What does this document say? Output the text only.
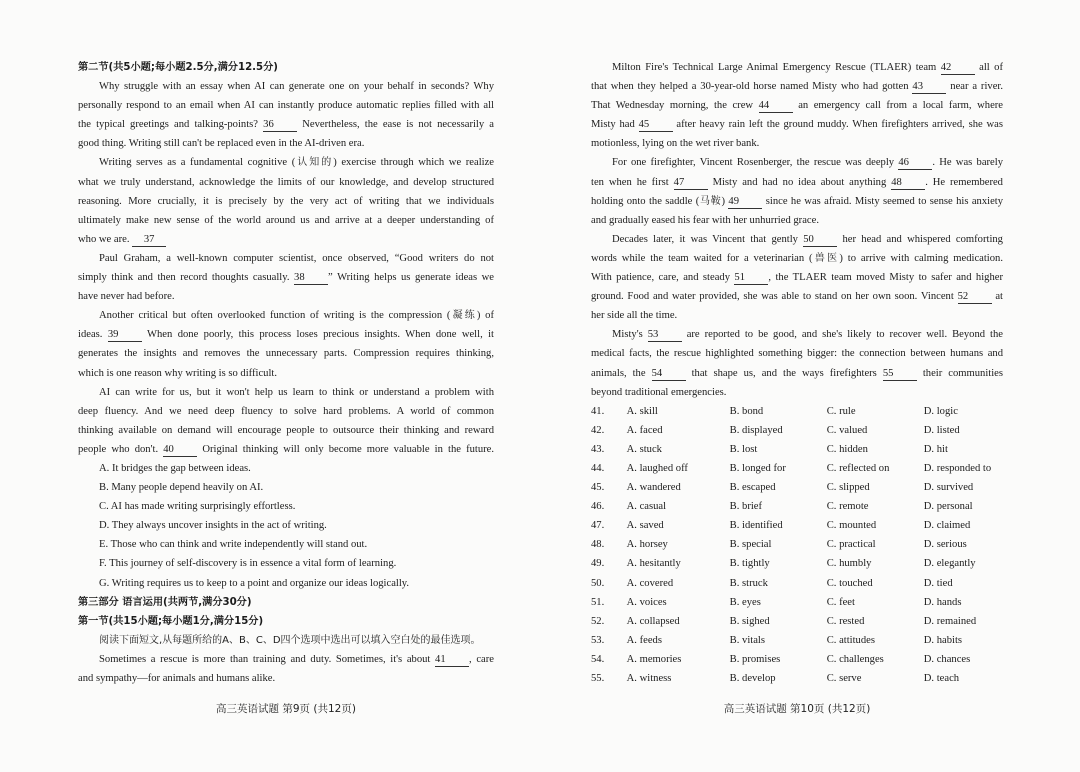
第二节(共5小题;每小题2.5分,满分12.5分)
Why struggle with an essay when AI can generate one on your behalf in seconds? Why
personally respond to an email when AI can instantly produce automatic replies filled with all
the typical greetings and talking-points? 36	Nevertheless, the ease is not necessarily a
good thing. Writing still can't be replaced even in the AI-driven era.
Writing serves as a fundamental cognitive (认知的) exercise through which we realize
what we truly understand, acknowledge the limits of our knowledge, and develop structured
reasoning. More crucially, it is precisely by the very act of writing that we individuals
ultimately make new sense of the world around us and arrive at a deeper understanding of
who we are. 37
Paul Graham, a well-known computer scientist, once observed, “Good writers do not
simply think and then record thoughts casually. 38 ” Writing helps us generate ideas we
have never had before.
Another critical but often overlooked function of writing is the compression (凝练) of
ideas. 39	When done poorly, this process loses precious insights. When done well, it
generates the insights and removes the unnecessary parts. Compression requires thinking,
which is one reason why writing is so difficult.
AI can write for us, but it won't help us learn to think or understand a problem with
deep fluency. And we need deep fluency to solve hard problems. A world of common
thinking available on demand will encourage people to outsource their thinking and reward
people who don't. 40	Original thinking will only become more valuable in the future.
A. It bridges the gap between ideas.
B. Many people depend heavily on AI.
C. AI has made writing surprisingly effortless.
D. They always uncover insights in the act of writing.
E. Those who can think and write independently will stand out.
F. This journey of self-discovery is in essence a vital form of learning.
G. Writing requires us to keep to a point and organize our ideas logically.
第三部分 语言运用(共两节,满分30分)
第一节(共15小题;每小题1分,满分15分)
阅读下面短文,从每题所给的A、B、C、D四个选项中选出可以填入空白处的最佳选项。
Sometimes a rescue is more than training and duty. Sometimes, it's about 41 , care
and sympathy—for animals and humans alike.
Milton Fire's Technical Large Animal Emergency Rescue (TLAER) team 42	all of
that when they helped a 30-year-old horse named Misty who had gotten 43	near a river.
That Wednesday morning, the crew 44	an emergency call from a local farm, where
Misty had 45	after heavy rain left the ground muddy. When firefighters arrived, she was
motionless, lying on the wet river bank.
For one firefighter, Vincent Rosenberger, the rescue was deeply 46 . He was barely
ten when he first 47	Misty and had no idea about anything 48 . He remembered
holding onto the saddle (马鞍) 49	since he was afraid. Misty seemed to sense his anxiety
and gradually eased his fear with her unhurried grace.
Decades later, it was Vincent that gently 50	her head and whispered comforting
words while the team waited for a veterinarian (兽医) to arrive with calming medication.
With patience, care, and steady 51 , the TLAER team moved Misty to safer and higher
ground. Food and water provided, she was able to stand on her own soon. Vincent 52	at
her side all the time.
Misty's 53	are reported to be good, and she's likely to recover well. Beyond the
medical facts, the rescue highlighted something bigger: the connection between humans and
animals, the 54	that shape us, and the ways firefighters 55	their communities
beyond traditional emergencies.
41.	A. skill	B. bond	C. rule	D. logic
42.	A. faced	B. displayed	C. valued	D. listed
43.	A. stuck	B. lost	C. hidden	D. hit
44.	A. laughed off	B. longed for	C. reflected on	D. responded to
45.	A. wandered	B. escaped	C. slipped	D. survived
46.	A. casual	B. brief	C. remote	D. personal
47.	A. saved	B. identified	C. mounted	D. claimed
48.	A. horsey	B. special	C. practical	D. serious
49.	A. hesitantly	B. tightly	C. humbly	D. elegantly
50.	A. covered	B. struck	C. touched	D. tied
51.	A. voices	B. eyes	C. feet	D. hands
52.	A. collapsed	B. sighed	C. rested	D. remained
53.	A. feeds	B. vitals	C. attitudes	D. habits
54.	A. memories	B. promises	C. challenges	D. chances
55.	A. witness	B. develop	C. serve	D. teach
高三英语试题 第9页 (共12页)	高三英语试题 第10页 (共12页)
